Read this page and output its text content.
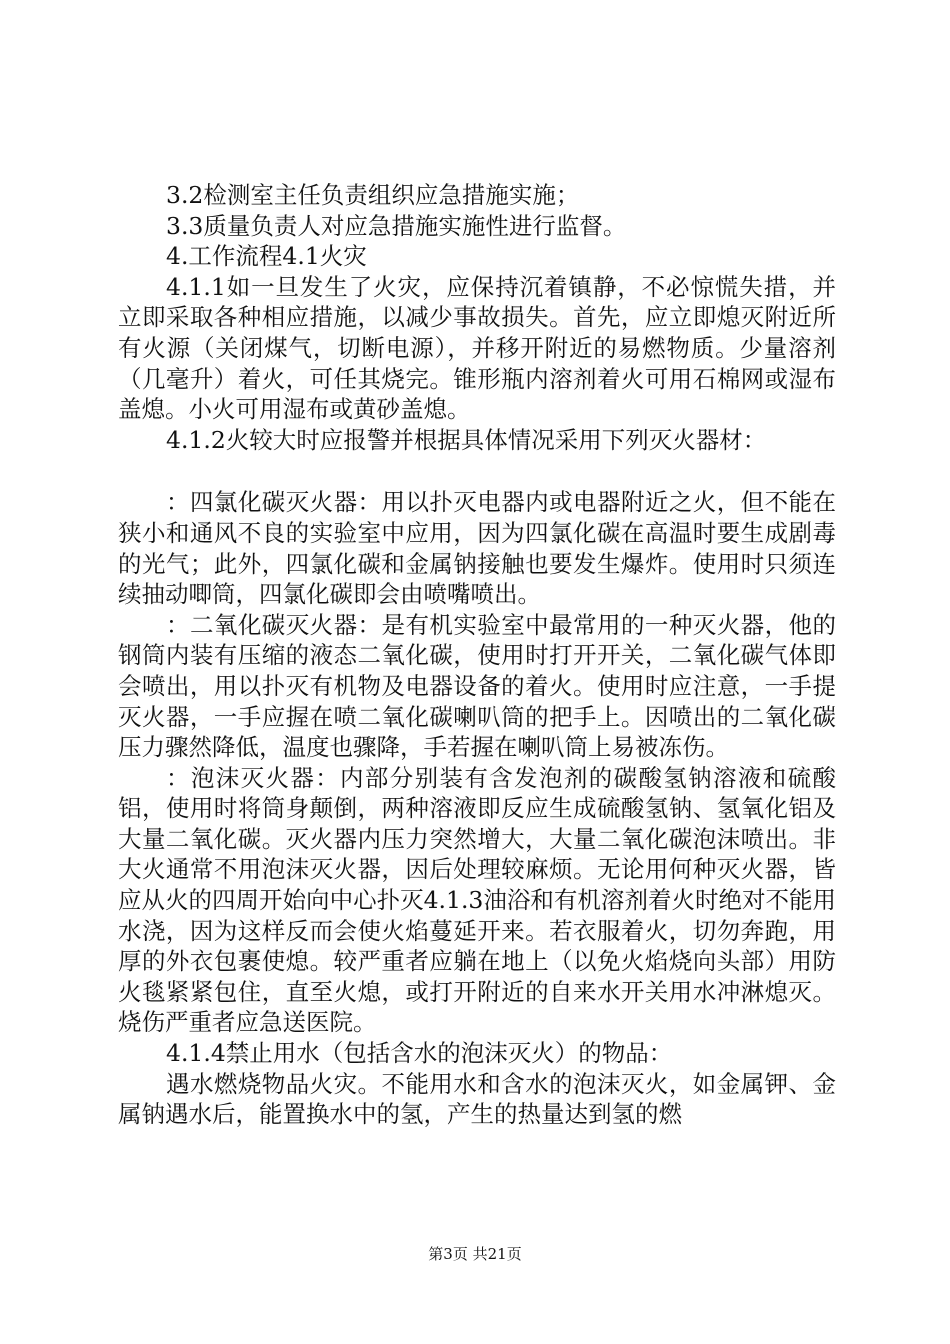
3.2检测室主任负责组织应急措施实施；

3.3质量负责人对应急措施实施性进行监督。

4.工作流程4.1火灾

4.1.1如一旦发生了火灾，应保持沉着镇静，不必惊慌失措，并立即采取各种相应措施，以减少事故损失。首先，应立即熄灭附近所有火源（关闭煤气，切断电源），并移开附近的易燃物质。少量溶剂（几毫升）着火，可任其烧完。锥形瓶内溶剂着火可用石棉网或湿布盖熄。小火可用湿布或黄砂盖熄。

4.1.2火较大时应报警并根据具体情况采用下列灭火器材：

：四氯化碳灭火器：用以扑灭电器内或电器附近之火，但不能在狭小和通风不良的实验室中应用，因为四氯化碳在高温时要生成剧毒的光气；此外，四氯化碳和金属钠接触也要发生爆炸。使用时只须连续抽动唧筒，四氯化碳即会由喷嘴喷出。

：二氧化碳灭火器：是有机实验室中最常用的一种灭火器，他的钢筒内装有压缩的液态二氧化碳，使用时打开开关，二氧化碳气体即会喷出，用以扑灭有机物及电器设备的着火。使用时应注意，一手提灭火器，一手应握在喷二氧化碳喇叭筒的把手上。因喷出的二氧化碳压力骤然降低，温度也骤降，手若握在喇叭筒上易被冻伤。

：泡沫灭火器：内部分别装有含发泡剂的碳酸氢钠溶液和硫酸铝，使用时将筒身颠倒，两种溶液即反应生成硫酸氢钠、氢氧化铝及大量二氧化碳。灭火器内压力突然增大，大量二氧化碳泡沫喷出。非大火通常不用泡沫灭火器，因后处理较麻烦。无论用何种灭火器，皆应从火的四周开始向中心扑灭4.1.3油浴和有机溶剂着火时绝对不能用水浇，因为这样反而会使火焰蔓延开来。若衣服着火，切勿奔跑，用厚的外衣包裹使熄。较严重者应躺在地上（以免火焰烧向头部）用防火毯紧紧包住，直至火熄，或打开附近的自来水开关用水冲淋熄灭。烧伤严重者应急送医院。

4.1.4禁止用水（包括含水的泡沫灭火）的物品：

遇水燃烧物品火灾。不能用水和含水的泡沫灭火，如金属钾、金属钠遇水后，能置换水中的氢，产生的热量达到氢的燃

第3页 共21页
